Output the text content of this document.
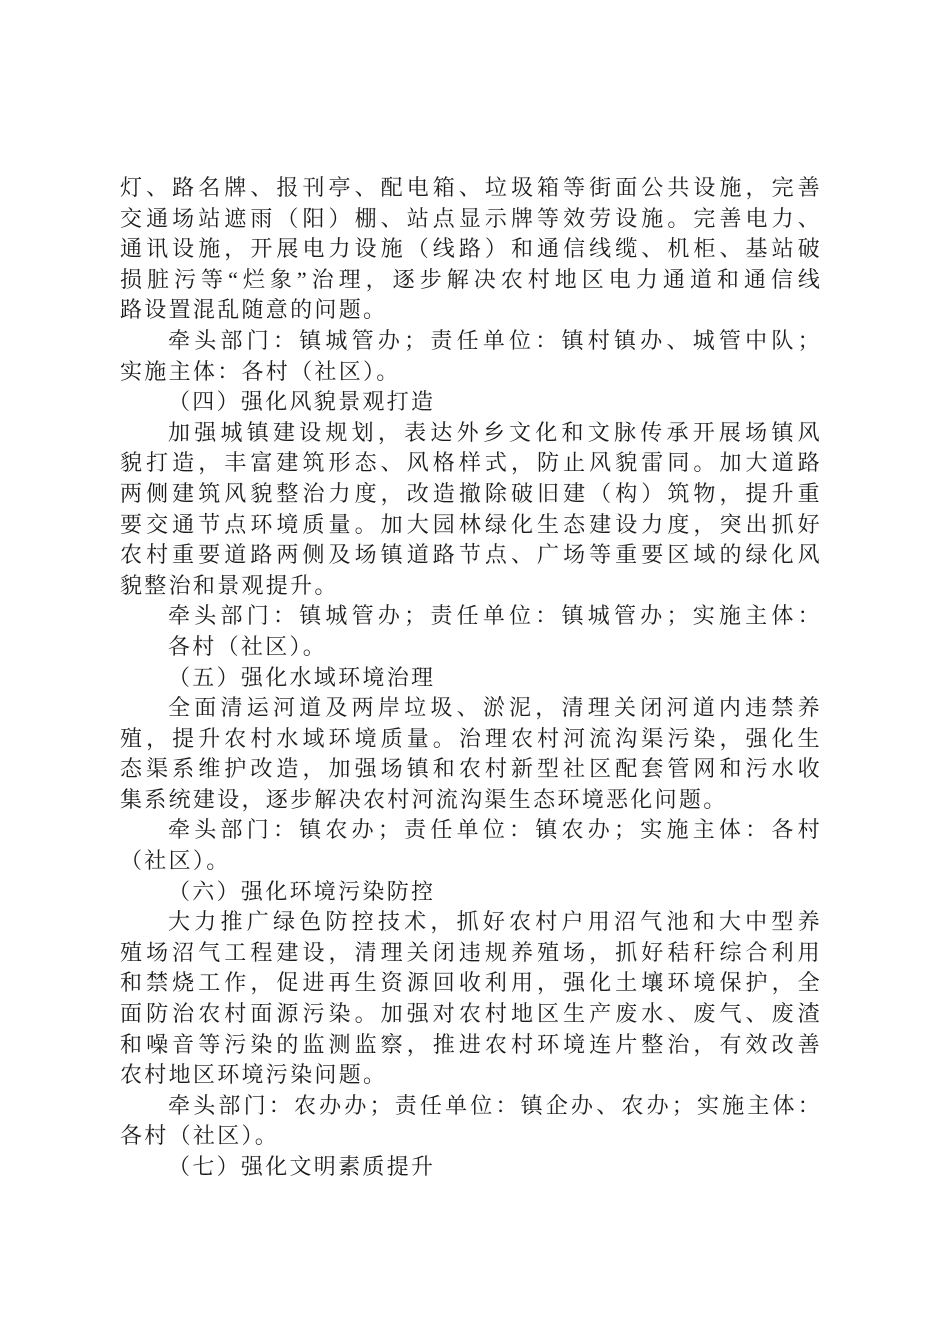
灯 、 路 名 牌 、 报 刊 亭 、 配 电 箱 、 垃 圾 箱 等 街 面 公 共 设 施 ， 完 善
交 通 场 站 遮 雨 （ 阳 ） 棚 、 站 点 显 示 牌 等 效 劳 设 施 。 完 善 电 力 、
通 讯 设 施 ， 开 展 电 力 设 施 （ 线 路 ） 和 通 信 线 缆 、 机 柜 、 基 站 破
损 脏 污 等 “ 烂 象 ” 治 理 ， 逐 步 解 决 农 村 地 区 电 力 通 道 和 通 信 线
路设置混乱随意的问题。
牵 头 部 门 ： 镇 城 管 办 ； 责 任 单 位 ： 镇 村 镇 办 、 城 管 中 队 ；
实施主体：各村（社区）。
（四）强化风貌景观打造
加 强 城 镇 建 设 规 划 ， 表 达 外 乡 文 化 和 文 脉 传 承 开 展 场 镇 风
貌 打 造 ， 丰 富 建 筑 形 态 、 风 格 样 式 ， 防 止 风 貌 雷 同 。 加 大 道 路
两 侧 建 筑 风 貌 整 治 力 度 ， 改 造 撤 除 破 旧 建 （ 构 ） 筑 物 ， 提 升 重
要 交 通 节 点 环 境 质 量 。 加 大 园 林 绿 化 生 态 建 设 力 度 ， 突 出 抓 好
农 村 重 要 道 路 两 侧 及 场 镇 道 路 节 点 、 广 场 等 重 要 区 域 的 绿 化 风
貌整治和景观提升。
牵 头 部 门 ： 镇 城 管 办 ； 责 任 单 位 ： 镇 城 管 办 ； 实 施 主 体 ：
各村（社区）。
（五）强化水域环境治理
全 面 清 运 河 道 及 两 岸 垃 圾 、 淤 泥 ， 清 理 关 闭 河 道 内 违 禁 养
殖 ， 提 升 农 村 水 域 环 境 质 量 。 治 理 农 村 河 流 沟 渠 污 染 ， 强 化 生
态 渠 系 维 护 改 造 ， 加 强 场 镇 和 农 村 新 型 社 区 配 套 管 网 和 污 水 收
集系统建设，逐步解决农村河流沟渠生态环境恶化问题。
牵 头 部 门 ： 镇 农 办 ； 责 任 单 位 ： 镇 农 办 ； 实 施 主 体 ： 各 村
（社区）。
（六）强化环境污染防控
大 力 推 广 绿 色 防 控 技 术 ， 抓 好 农 村 户 用 沼 气 池 和 大 中 型 养
殖 场 沼 气 工 程 建 设 ， 清 理 关 闭 违 规 养 殖 场 ， 抓 好 秸 秆 综 合 利 用
和 禁 烧 工 作 ， 促 进 再 生 资 源 回 收 利 用 ， 强 化 土 壤 环 境 保 护 ， 全
面 防 治 农 村 面 源 污 染 。 加 强 对 农 村 地 区 生 产 废 水 、 废 气 、 废 渣
和 噪 音 等 污 染 的 监 测 监 察 ， 推 进 农 村 环 境 连 片 整 治 ， 有 效 改 善
农村地区环境污染问题。
牵 头 部 门 ： 农 办 办 ； 责 任 单 位 ： 镇 企 办 、 农 办 ； 实 施 主 体 ：
各村（社区）。
（七）强化文明素质提升
